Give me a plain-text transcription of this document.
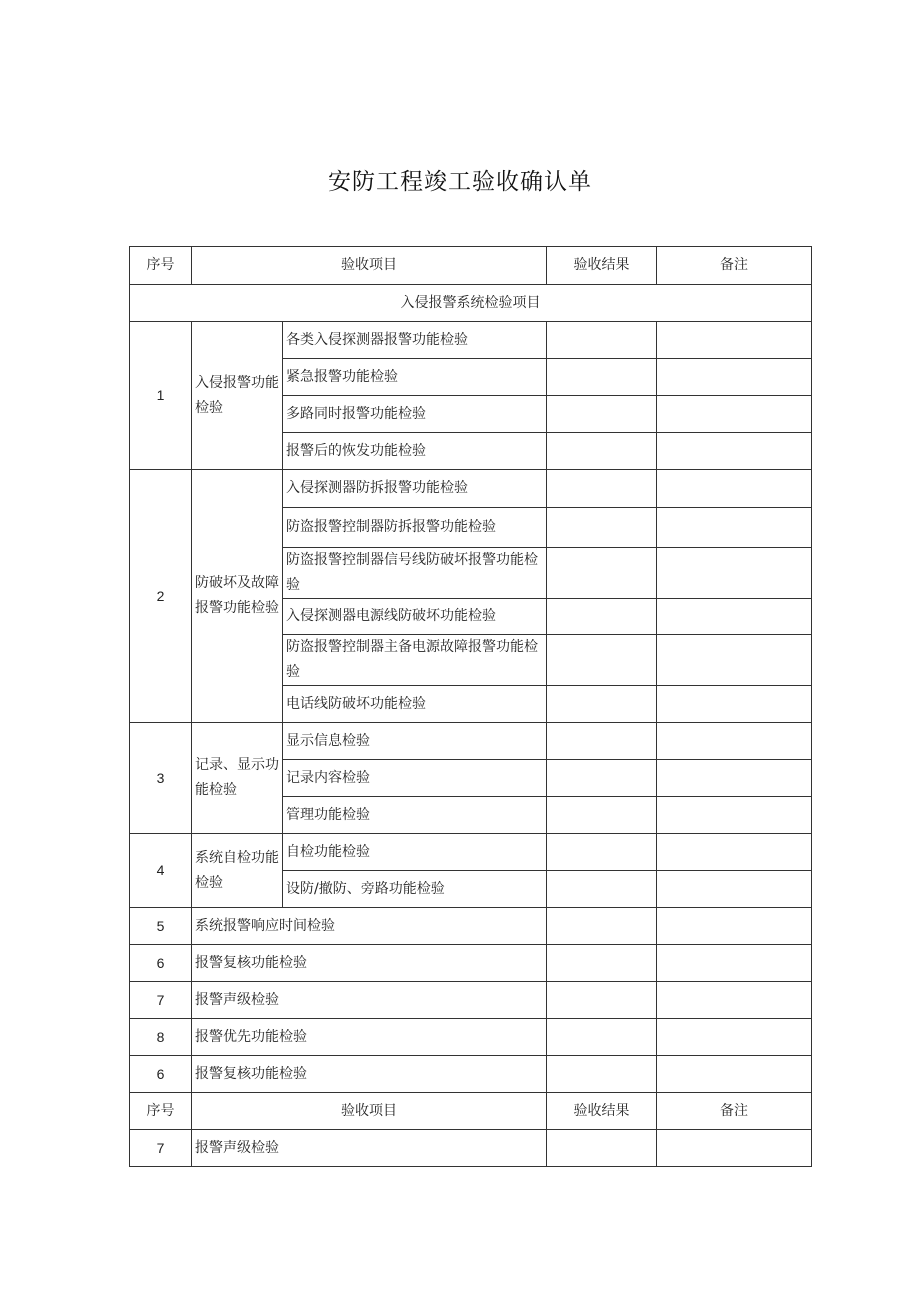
安防工程竣工验收确认单
序号	验收项目		验收结果	备注
入侵报警系统检验项目				
1	入侵报警功能检验	各类入侵探测器报警功能检验		
		紧急报警功能检验		
		多路同时报警功能检验		
		报警后的恢发功能检验		
2	防破坏及故障报警功能检验	入侵探测器防拆报警功能检验		
		防盗报警控制器防拆报警功能检验		
		防盗报警控制器信号线防破坏报警功能检验		
		入侵探测器电源线防破坏功能检验		
		防盗报警控制器主备电源故障报警功能检验		
		电话线防破坏功能检验		
3	记录、显示功能检验	显示信息检验		
		记录内容检验		
		管理功能检验		
4	系统自检功能检验	自检功能检验		
		设防/撤防、旁路功能检验		
5	系统报警响应时间检验			
6	报警复核功能检验			
7	报警声级检验			
8	报警优先功能检验			
6	报警复核功能检验			
序号	验收项目		验收结果	备注
7	报警声级检验			
